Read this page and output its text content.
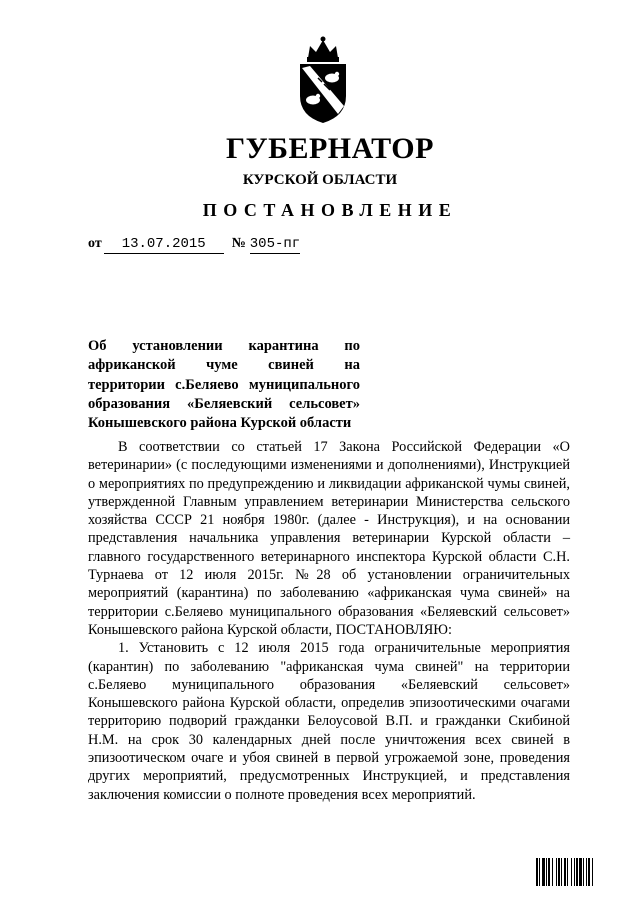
ГУБЕРНАТОР
КУРСКОЙ ОБЛАСТИ
ПОСТАНОВЛЕНИЕ
от 13.07.2015 № 305-пг
Об установлении карантина по африканской чуме свиней на территории с.Беляево муниципального образования «Беляевский сельсовет» Конышевского района Курской области

В соответствии со статьей 17 Закона Российской Федерации «О ветеринарии» (с последующими изменениями и дополнениями), Инструкцией о мероприятиях по предупреждению и ликвидации африканской чумы свиней, утвержденной Главным управлением ветеринарии Министерства сельского хозяйства СССР 21 ноября 1980г. (далее - Инструкция), и на основании представления начальника управления ветеринарии Курской области – главного государственного ветеринарного инспектора Курской области С.Н. Турнаева от 12 июля 2015г. №28 об установлении ограничительных мероприятий (карантина) по заболеванию «африканская чума свиней» на территории с.Беляево муниципального образования «Беляевский сельсовет» Конышевского района Курской области, ПОСТАНОВЛЯЮ:

1. Установить с 12 июля 2015 года ограничительные мероприятия (карантин) по заболеванию "африканская чума свиней" на территории с.Беляево муниципального образования «Беляевский сельсовет» Конышевского района Курской области, определив эпизоотическими очагами территорию подворий гражданки Белоусовой В.П. и гражданки Скибиной Н.М. на срок 30 календарных дней после уничтожения всех свиней в эпизоотическом очаге и убоя свиней в первой угрожаемой зоне, проведения других мероприятий, предусмотренных Инструкцией, и представления заключения комиссии о полноте проведения всех мероприятий.
